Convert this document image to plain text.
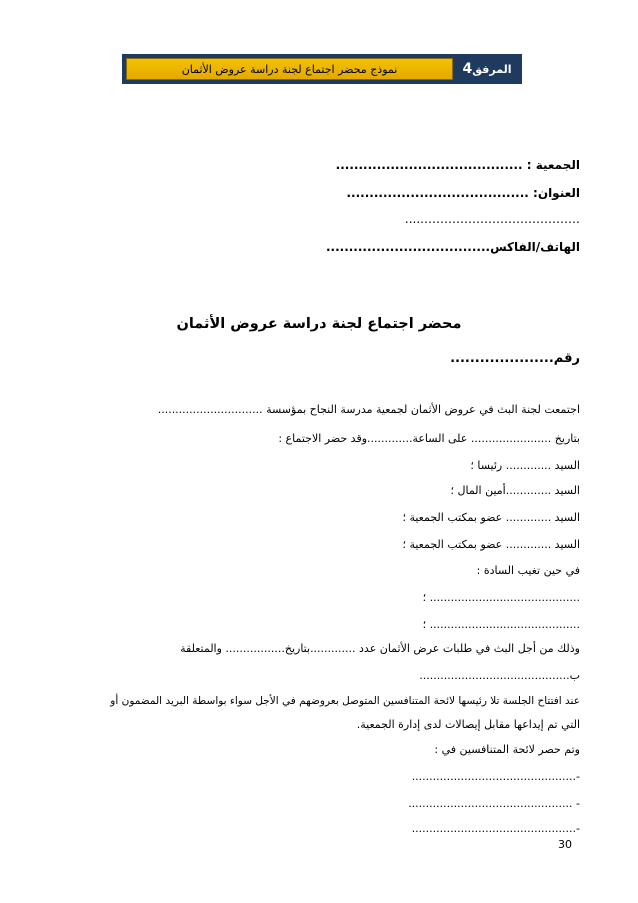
نموذج محضر اجتماع لجنة دراسة عروض الأثمان	المرفق4
الجمعية : .........................................
العنوان: ........................................
………………………………….....
الهاتف/الفاكس....................................
محضر اجتماع لجنة دراسة عروض الأثمان
رقم.....................
اجتمعت لجنة البث في عروض الأثمان لجمعية مدرسة النجاح بمؤسسة ..............................
بتاريخ ....................... على الساعة.............وقد حضر الاجتماع :
السيد ............. رئيسا ؛
السيد .............أمين المال ؛
السيد ............. عضو بمكتب الجمعية ؛
السيد ............. عضو بمكتب الجمعية ؛
في حين تغيب السادة :
........................................... ؛
........................................... ؛
وذلك من أجل البث في طلبات عرض الأثمان عدد .............بتاريخ................. والمتعلقة
ب...........................................
عند افتتاح الجلسة تلا رئيسها لائحة المتنافسين المتوصل بعروضهم في الأجل سواء بواسطة البريد المضمون أو
التي تم إيداعها مقابل إيصالات لدى إدارة الجمعية.
وتم حصر لائحة المتنافسين في :
-...............................................
- ...............................................
-...............................................
30
